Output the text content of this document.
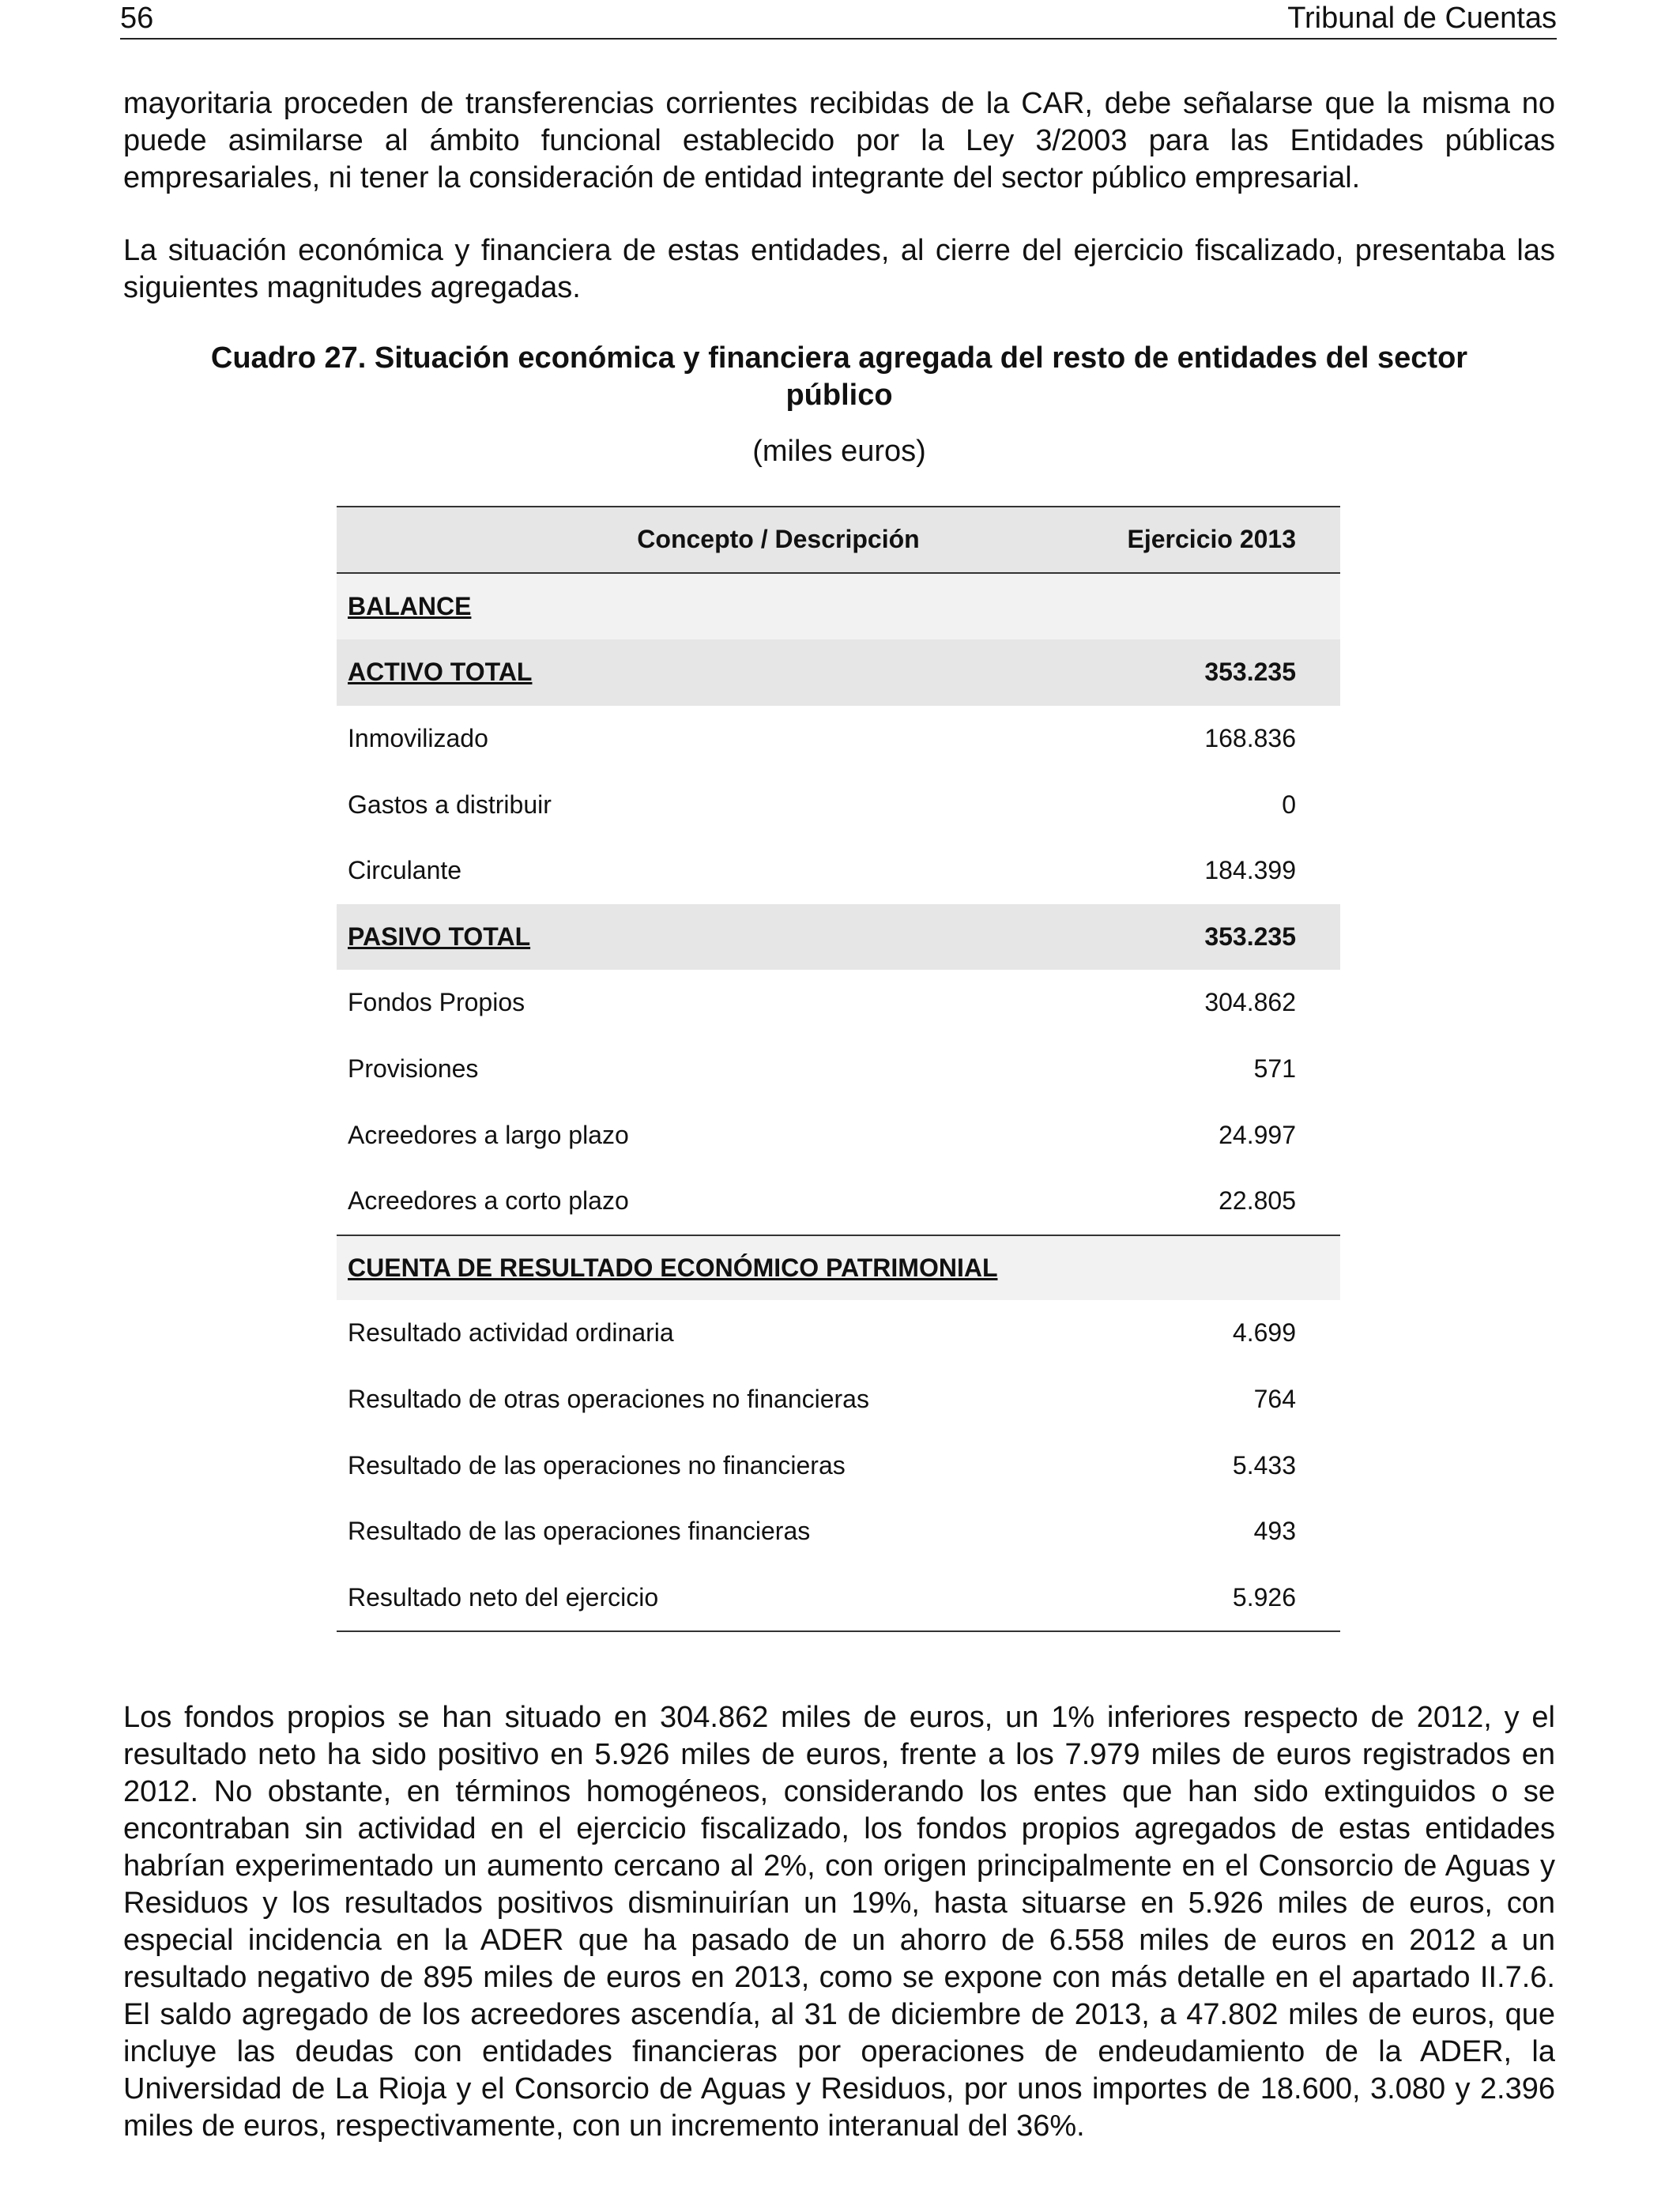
56	Tribunal de Cuentas

mayoritaria proceden de transferencias corrientes recibidas de la CAR, debe señalarse que la misma no puede asimilarse al ámbito funcional establecido por la Ley 3/2003 para las Entidades públicas empresariales, ni tener la consideración de entidad integrante del sector público empresarial.

La situación económica y financiera de estas entidades, al cierre del ejercicio fiscalizado, presentaba las siguientes magnitudes agregadas.

Cuadro 27. Situación económica y financiera agregada del resto de entidades del sector
público
(miles euros)
Concepto / Descripción	Ejercicio 2013
BALANCE
ACTIVO TOTAL	353.235
Inmovilizado	168.836
Gastos a distribuir	0
Circulante	184.399
PASIVO TOTAL	353.235
Fondos Propios	304.862
Provisiones	571
Acreedores a largo plazo	24.997
Acreedores a corto plazo	22.805
CUENTA DE RESULTADO ECONÓMICO PATRIMONIAL
Resultado actividad ordinaria	4.699
Resultado de otras operaciones no financieras	764
Resultado de las operaciones no financieras	5.433
Resultado de las operaciones financieras	493
Resultado neto del ejercicio	5.926

Los fondos propios se han situado en 304.862 miles de euros, un 1% inferiores respecto de 2012, y el resultado neto ha sido positivo en 5.926 miles de euros, frente a los 7.979 miles de euros registrados en 2012. No obstante, en términos homogéneos, considerando los entes que han sido extinguidos o se encontraban sin actividad en el ejercicio fiscalizado, los fondos propios agregados de estas entidades habrían experimentado un aumento cercano al 2%, con origen principalmente en el Consorcio de Aguas y Residuos y los resultados positivos disminuirían un 19%, hasta situarse en 5.926 miles de euros, con especial incidencia en la ADER que ha pasado de un ahorro de 6.558 miles de euros en 2012 a un resultado negativo de 895 miles de euros en 2013, como se expone con más detalle en el apartado II.7.6. El saldo agregado de los acreedores ascendía, al 31 de diciembre de 2013, a 47.802 miles de euros, que incluye las deudas con entidades financieras por operaciones de endeudamiento de la ADER, la Universidad de La Rioja y el Consorcio de Aguas y Residuos, por unos importes de 18.600, 3.080 y 2.396 miles de euros, respectivamente, con un incremento interanual del 36%.
